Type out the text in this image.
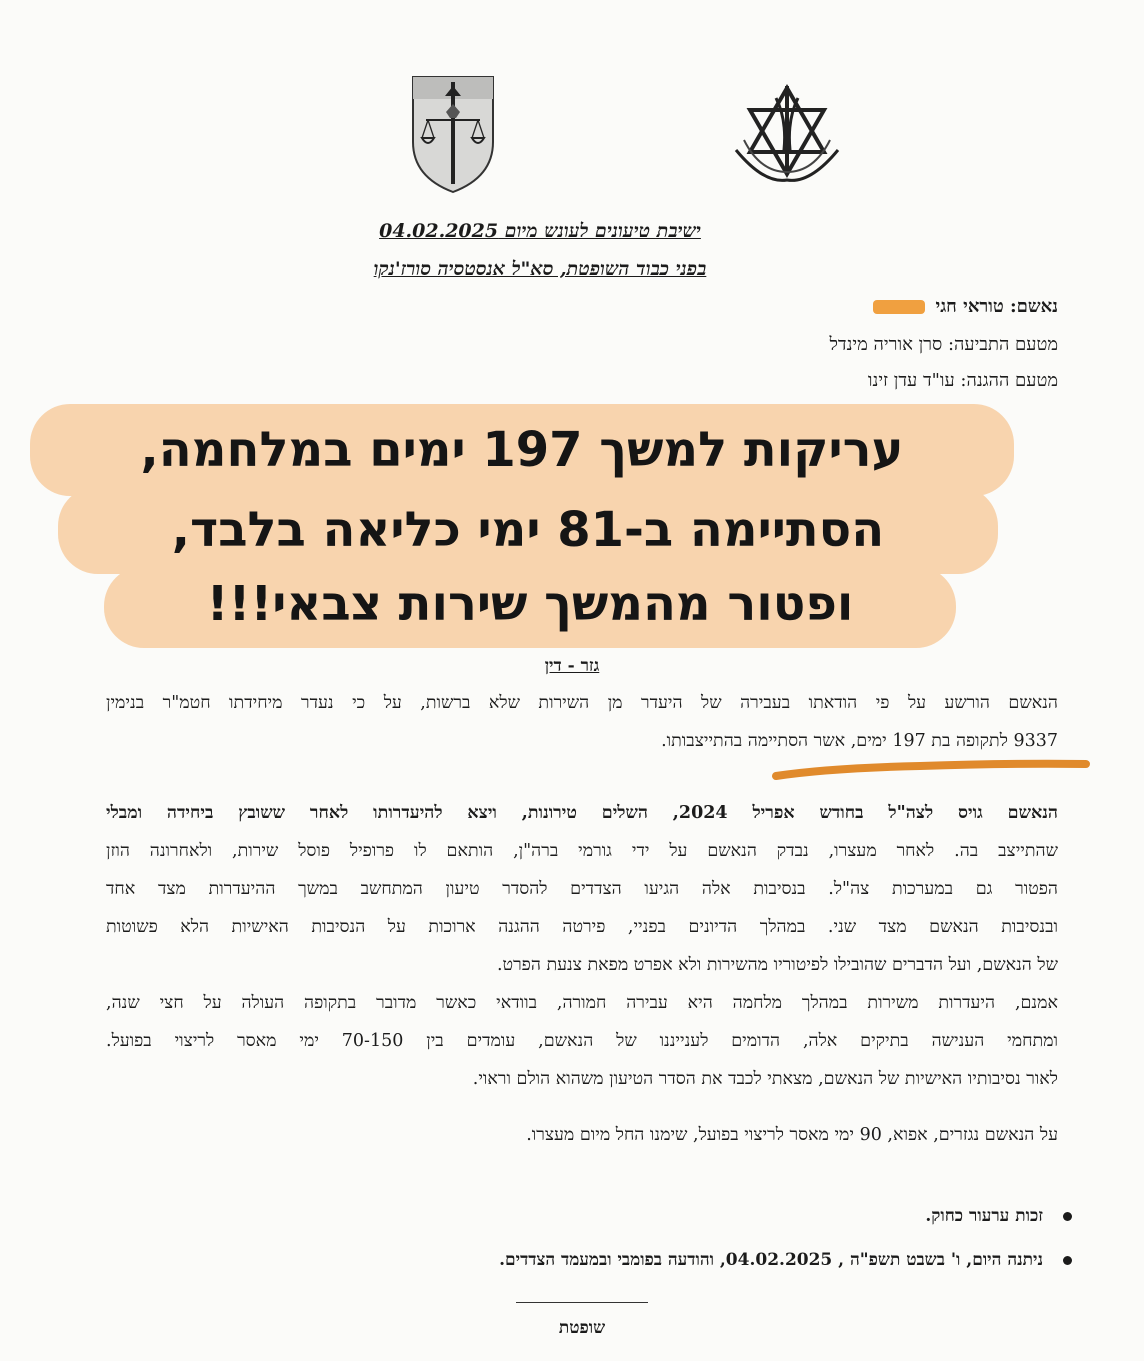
ישיבת טיעונים לעונש מיום 04.02.2025
בפני כבוד השופטת, סא"ל אנסטסיה סורז'נקו
נאשם: טוראי חגי
מטעם התביעה: סרן אוריה מינדל
מטעם ההגנה: עו"ד עדן זינו
עריקות למשך 197 ימים במלחמה,
הסתיימה ב-81 ימי כליאה בלבד,
ופטור מהמשך שירות צבאי!!!
גזר - דין
הנאשם הורשע על פי הודאתו בעבירה של היעדר מן השירות שלא ברשות, על כי נעדר מיחידתו חטמ"ר בנימין
9337 לתקופה בת 197 ימים, אשר הסתיימה בהתייצבותו.
הנאשם גויס לצה"ל בחודש אפריל 2024, השלים טירונות, ויצא להיעדרותו לאחר ששובץ ביחידה ומבלי
שהתייצב בה. לאחר מעצרו, נבדק הנאשם על ידי גורמי ברה"ן, הותאם לו פרופיל פוסל שירות, ולאחרונה הוזן
הפטור גם במערכות צה"ל. בנסיבות אלה הגיעו הצדדים להסדר טיעון המתחשב במשך ההיעדרות מצד אחד
ובנסיבות הנאשם מצד שני. במהלך הדיונים בפניי, פירטה ההגנה ארוכות על הנסיבות האישיות הלא פשוטות
של הנאשם, ועל הדברים שהובילו לפיטוריו מהשירות ולא אפרט מפאת צנעת הפרט.
אמנם, היעדרות משירות במהלך מלחמה היא עבירה חמורה, בוודאי כאשר מדובר בתקופה העולה על חצי שנה,
ומתחמי הענישה בתיקים אלה, הדומים לענייננו של הנאשם, עומדים בין 70-150 ימי מאסר לריצוי בפועל.
לאור נסיבותיו האישיות של הנאשם, מצאתי לכבד את הסדר הטיעון משהוא הולם וראוי.
על הנאשם נגזרים, אפוא, 90 ימי מאסר לריצוי בפועל, שימנו החל מיום מעצרו.
זכות ערעור כחוק.
ניתנה היום, ו' בשבט תשפ"ה , 04.02.2025, והודעה בפומבי ובמעמד הצדדים.
שופטת
